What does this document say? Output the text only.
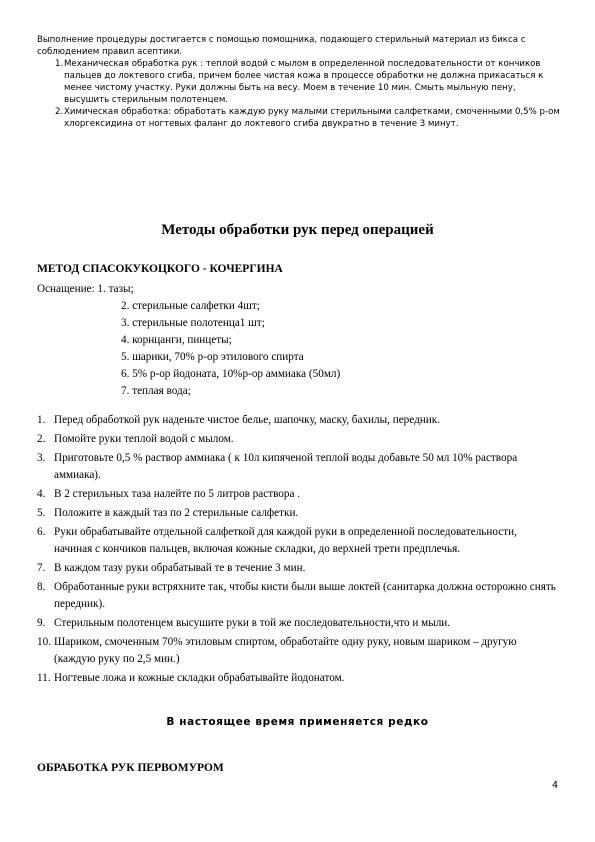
Выполнение процедуры достигается с помощью помощника, подающего стерильный материал из бикса с соблюдением правил асептики.

1. Механическая обработка рук : теплой водой с мылом в определенной последовательности от кончиков пальцев до локтевого сгиба, причем более чистая кожа в процессе обработки не должна прикасаться к менее чистому участку. Руки должны быть на весу. Моем в течение 10 мин. Смыть мыльную пену, высушить стерильным полотенцем.
2. Химическая обработка: обработать каждую руку малыми стерильными салфетками, смоченными 0,5% р-ом хлоргексидина от ногтевых фаланг до локтевого сгиба двукратно в течение 3 минут.
Методы обработки рук перед операцией
МЕТОД СПАСОКУКОЦКОГО - КОЧЕРГИНА
Оснащение: 1. тазы;
2. стерильные салфетки 4шт;
3. стерильные полотенца1 шт;
4. корнцанги, пинцеты;
5. шарики, 70% р-ор этилового спирта
6. 5% р-ор йодоната, 10%р-ор аммиака (50мл)
7. теплая вода;
1. Перед обработкой рук наденьте чистое белье, шапочку, маску, бахилы, передник.
2. Помойте руки теплой водой с мылом.
3. Приготовьте 0,5 % раствор аммиака ( к 10л кипяченой теплой воды добавьте 50 мл 10% раствора аммиака).
4. В 2 стерильных таза налейте по 5 литров раствора .
5. Положите в каждый таз по 2 стерильные салфетки.
6. Руки обрабатывайте отдельной салфеткой для каждой руки в определенной последовательности, начиная с кончиков пальцев, включая кожные складки, до верхней трети предплечья.
7. В каждом тазу руки обрабатывай те в течение 3 мин.
8. Обработанные руки встряхните так, чтобы кисти были выше локтей (санитарка должна осторожно снять передник).
9. Стерильным полотенцем высушите руки в той же последовательности,что и мыли.
10. Шариком, смоченным 70% этиловым спиртом, обработайте одну руку, новым шариком – другую (каждую руку по 2,5 мин.)
11. Ногтевые ложа и кожные складки обрабатывайте йодонатом.
В настоящее время применяется редко
ОБРАБОТКА РУК ПЕРВОМУРОМ
4
